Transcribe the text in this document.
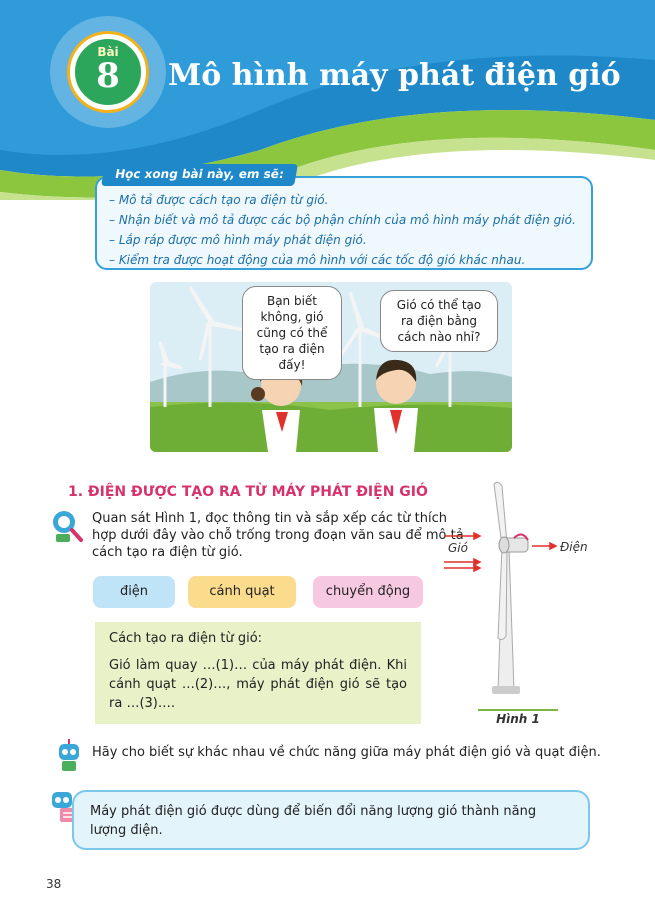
Bài
8	Mô hình máy phát điện gió
– Mô tả được cách tạo ra điện từ gió.
– Nhận biết và mô tả được các bộ phận chính của mô hình máy phát điện gió.
– Lắp ráp được mô hình máy phát điện gió.
– Kiểm tra được hoạt động của mô hình với các tốc độ gió khác nhau.
Học xong bài này, em sẽ:
Bạn biết không, gió cũng có thể tạo ra điện đấy!
Gió có thể tạo ra điện bằng cách nào nhỉ?
1. ĐIỆN ĐƯỢC TẠO RA TỪ MÁY PHÁT ĐIỆN GIÓ
Quan sát Hình 1, đọc thông tin và sắp xếp các từ thích hợp dưới đây vào chỗ trống trong đoạn văn sau để mô tả cách tạo ra điện từ gió.
điện	cánh quạt	chuyển động
Cách tạo ra điện từ gió:
Gió làm quay …(1)… của máy phát điện. Khi cánh quạt …(2)…, máy phát điện gió sẽ tạo ra …(3)….
Gió	Điện
Hình 1
Hãy cho biết sự khác nhau về chức năng giữa máy phát điện gió và quạt điện.
Máy phát điện gió được dùng để biến đổi năng lượng gió thành năng lượng điện.
38
